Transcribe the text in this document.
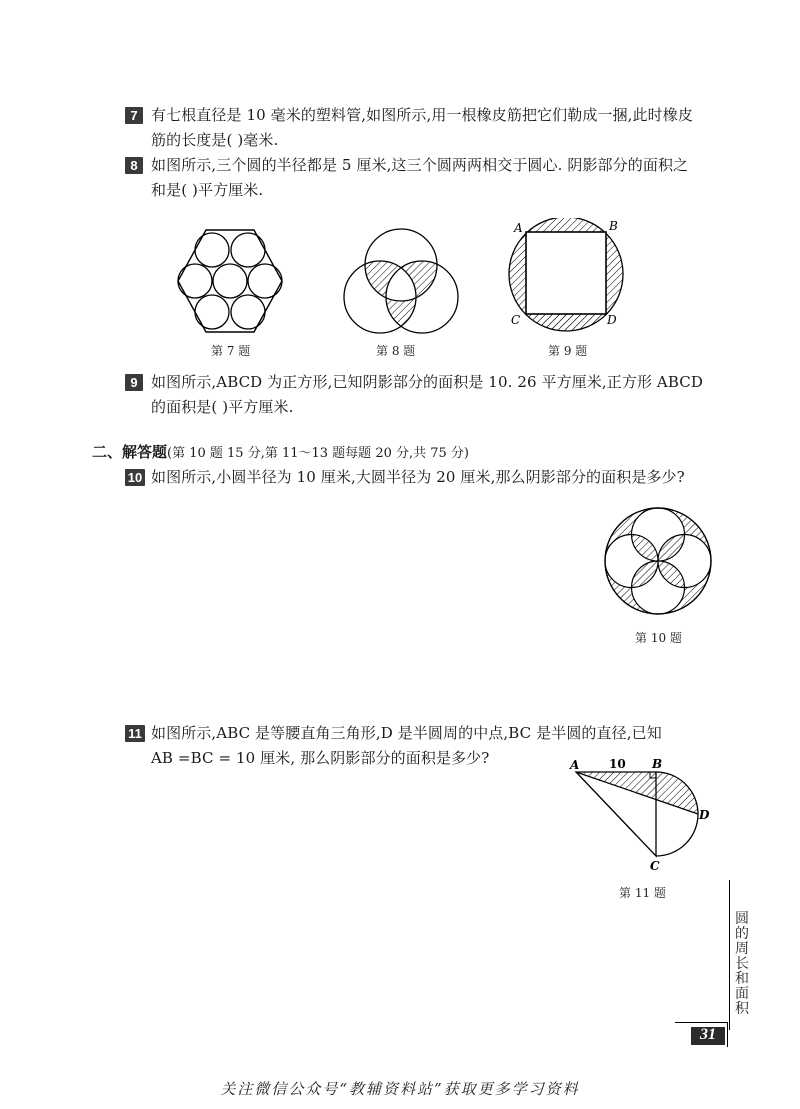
7 有七根直径是 10 毫米的塑料管,如图所示,用一根橡皮筋把它们勒成一捆,此时橡皮
筋的长度是( )毫米.
8 如图所示,三个圆的半径都是 5 厘米,这三个圆两两相交于圆心. 阴影部分的面积之
和是( )平方厘米.
第 7 题	第 8 题
A	B
C	D
第 9 题
9 如图所示,ABCD 为正方形,已知阴影部分的面积是 10. 26 平方厘米,正方形 ABCD
的面积是( )平方厘米.
二、解答题(第 10 题 15 分,第 11～13 题每题 20 分,共 75 分)
10 如图所示,小圆半径为 10 厘米,大圆半径为 20 厘米,那么阴影部分的面积是多少?
第 10 题
11 如图所示,ABC 是等腰直角三角形,D 是半圆周的中点,BC 是半圆的直径,已知
AB =BC = 10 厘米, 那么阴影部分的面积是多少?	A	B
C
D
10
第 11 题
圆
的
周
长
和
面
积
31
关注微信公众号“教辅资料站”获取更多学习资料
